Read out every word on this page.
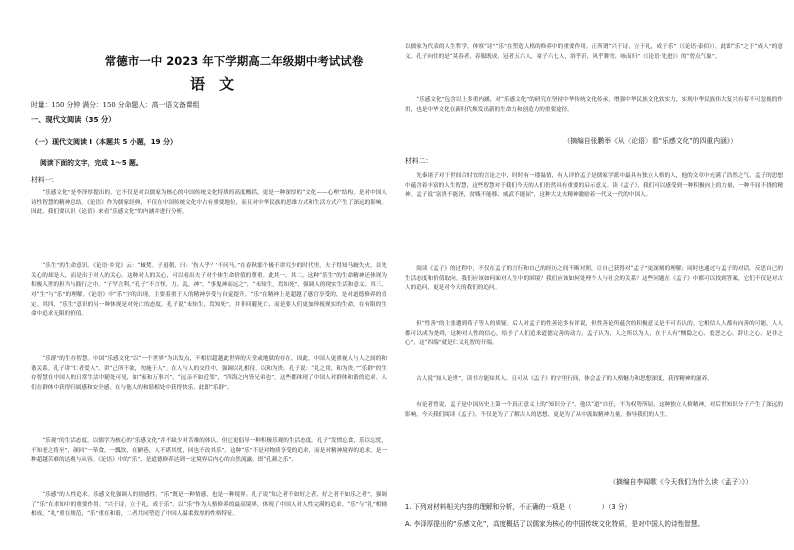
常德市一中 2023 年下学期高二年级期中考试试卷
语文
时量：150 分钟 满分：150 分命题人：高一语文备课组
一、现代文阅读（35 分）
（一）现代文阅读 I（本题共 5 小题，19 分）
阅读下面的文字，完成 1～5 题。
材料一：
“乐感文化”是李泽厚提出的，它不仅是对以儒家为核心的中国传统文化特质的高度概括，更是一种深厚的“文化——心理”结构，是对中国人诗性智慧的精神总结。《论语》作为儒家经典，不仅在中国传统文化中占有重要地位，而且对中华民族的思维方式和生活方式产生了深远的影响。因此，我们要认识《论语》来看“乐感文化”的内涵并进行分析。
“乐生”的生命意识。《论语·乡党》云：“厩焚。子退朝，曰：‘伤人乎？’不问马。”在春秋那个极不讲究少的时代里，夫子得知马厩失火，首先关心的却是人，而是出于对人的关心。这种对人的关心，可以看出夫子对个体生命价值的尊重。此其一。其二，这种“乐生”的生命精神还体现为积极入世的担当与践行之中。“子罕言利。”孔子“不言怪、力、乱、神”，“事鬼神而远之”，“未知生，焉知死”，强调人的现实生活和意义。其三，对“生”与“乐”的理解。《论语》中“乐”字的出现，主要着重于人的精神享受与自觉提升。“乐”在精神上是超越了感官享受的，是对道德修养的肯定。其四，“乐生”意识的另一种体现是对死亡的态度。孔子说“未知生，焉知死”，并非回避死亡，而是要人们更加珍视现实的生命，在有限的生命中追求无限的价值。
“乐群”的生存智慧。中国“乐感文化”以“一个世界”为出发点，不相信超越此世界的天堂或地狱的存在。因此，中国人更重视人与人之间的和谐关系。孔子讲“仁者爱人”，讲“己所不欲，勿施于人”。在人与人的交往中，强调以礼相待，以和为贵。孔子说：“礼之用，和为贵。”“乐群”的生存智慧在中国人的日常生活中随处可见，如“家和万事兴”，“远亲不如近邻”，“四海之内皆兄弟也”，这些都体现了中国人对群体和谐的追求。人们在群体中获得归属感和安全感，在与他人的和谐相处中获得快乐，此即“乐群”。
“乐观”的生活态度。以儒学为核心的“乐感文化”并不缺少对苦难的体认，但它更倡导一种积极乐观的生活态度。孔子“发愤忘食，乐以忘忧，不知老之将至”，颜回“一箪食，一瓢饮，在陋巷，人不堪其忧，回也不改其乐”。这种“乐”不是对物质享受的追求，而是对精神境界的追求，是一种超越苦难的达观与从容。《论语》中的“乐”，是道德修养达到一定境界后内心的自然流露，即“孔颜之乐”。
“乐感”的人性追求。乐感文化强调人的情感性，“乐”既是一种情感，也是一种境界。孔子说“知之者不如好之者，好之者不如乐之者”，强调了“乐”在求知中的重要作用。“兴于诗，立于礼，成于乐”，以“乐”作为人格修养的最高境界，体现了中国人对人性完满的追求。“乐”与“礼”相辅相成，“礼”重在规范，“乐”重在和谐，二者共同塑造了中国人温柔敦厚的性格特征。
以儒家为代表的人生哲学，体察“诗”“乐”在塑造人格的修养中的重要作用。正所谓“兴于诗，立于礼，成于乐”（《论语·泰伯》），此即“乐”之于“成人”的意义。孔子向往的是“莫春者，春服既成，冠者五六人，童子六七人，浴乎沂，风乎舞雩，咏而归”（《论语·先进》）的“曾点气象”。
“乐感文化”包含以上多重内涵，对“乐感文化”的研究在坚持中华传统文化传承，增强中华民族文化软实力，实现中华民族伟大复兴有着不可忽视的作用，也是中华文化在新时代焕发出新的生命力和创造力的重要途径。
（摘编自张鹏举《从〈论语〉看“乐感文化”的四重内涵》）
材料二：
先秦诸子对于世间合时宜的言论之中，时时有一缕温情，有人评价孟子是儒家学派中最具有独立人格的人，他的文章中充满了浩然之气。孟子的思想中蕴含着丰富的人生智慧，这些智慧对于我们今天的人们仍然具有重要的启示意义。读《孟子》，我们可以感受到一种积极向上的力量，一种不屈不挠的精神。孟子说“富贵不能淫，贫贱不能移，威武不能屈”，这种大丈夫精神激励着一代又一代的中国人。
阅读《孟子》的过程中，不仅在孟子的言行和自己的经历之间不断对照，让自己获得对“孟子”更深刻的理解；同时也通过与孟子的对话，反思自己的生活态度和价值取向。我们应该如何面对人生中的困境？我们应该如何处理个人与社会的关系？这些问题在《孟子》中都可以找到答案，它们不仅是对古人的追问，更是对今天的我们的追问。
但“性善”的主张遭到荀子等人的质疑。后人对孟子的性善论多有评说，但性善论所蕴含的积极意义是不可否认的。它相信人人都有向善的可能，人人都可以成为尧舜，这种对人性的信心，给予了人们追求道德完善的动力。孟子认为，人之所以为人，在于人有“恻隐之心、羞恶之心、辞让之心、是非之心”，这“四端”就是仁义礼智的开端。
古人说“知人论世”，读书方能知其人。且可从《孟子》的字里行间，体会孟子的人格魅力和思想深度，获得精神的滋养。
有论者曾说，孟子是中国历史上第一个真正意义上的“知识分子”，他以“道”自任，不为权势所屈，这种独立人格精神，对后世知识分子产生了深远的影响。今天我们阅读《孟子》，不仅是为了了解古人的思想，更是为了从中汲取精神力量，指导我们的人生。
（摘编自李闻歌《今天我们为什么读〈孟子〉》）
1. 下列对材料相关内容的理解和分析，不正确的一项是（	）（3 分）
A. 李泽厚提出的“乐感文化”，高度概括了以儒家为核心的中国传统文化特质，是对中国人的诗性智慧。
